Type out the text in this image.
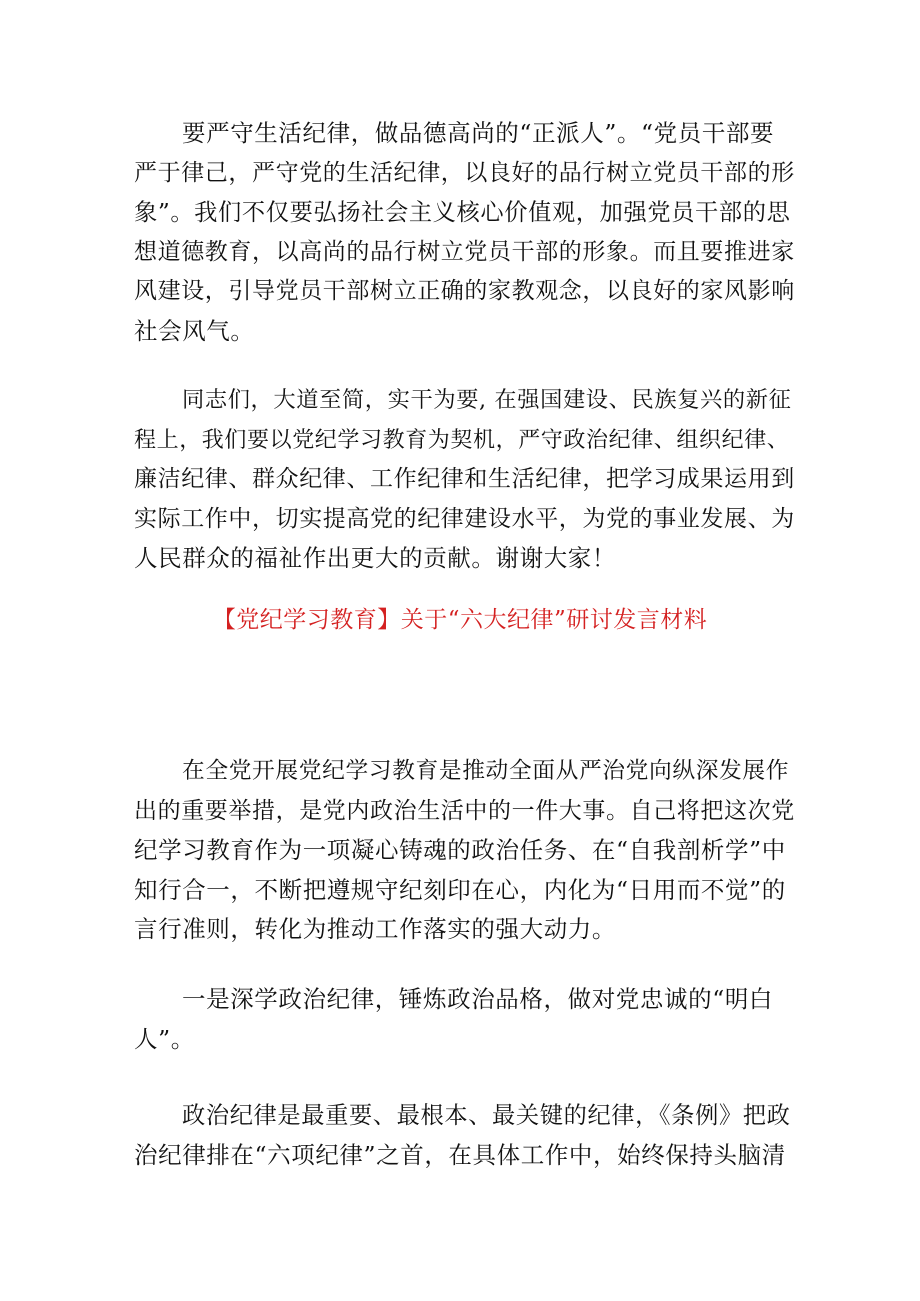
要严守生活纪律，做品德高尚的“正派人”。“党员干部要
严于律己，严守党的生活纪律，以良好的品行树立党员干部的形
象”。我们不仅要弘扬社会主义核心价值观，加强党员干部的思
想道德教育，以高尚的品行树立党员干部的形象。而且要推进家
风建设，引导党员干部树立正确的家教观念，以良好的家风影响
社会风气。
同志们，大道至简，实干为要, 在强国建设、民族复兴的新征
程上，我们要以党纪学习教育为契机，严守政治纪律、组织纪律、
廉洁纪律、群众纪律、工作纪律和生活纪律，把学习成果运用到
实际工作中，切实提高党的纪律建设水平，为党的事业发展、为
人民群众的福祉作出更大的贡献。谢谢大家！
【党纪学习教育】关于“六大纪律”研讨发言材料
在全党开展党纪学习教育是推动全面从严治党向纵深发展作
出的重要举措，是党内政治生活中的一件大事。自己将把这次党
纪学习教育作为一项凝心铸魂的政治任务、在“自我剖析学”中
知行合一，不断把遵规守纪刻印在心，内化为“日用而不觉”的
言行准则，转化为推动工作落实的强大动力。
一是深学政治纪律，锤炼政治品格，做对党忠诚的“明白
人”。
政治纪律是最重要、最根本、最关键的纪律，《条例》把政
治纪律排在“六项纪律”之首，在具体工作中，始终保持头脑清
